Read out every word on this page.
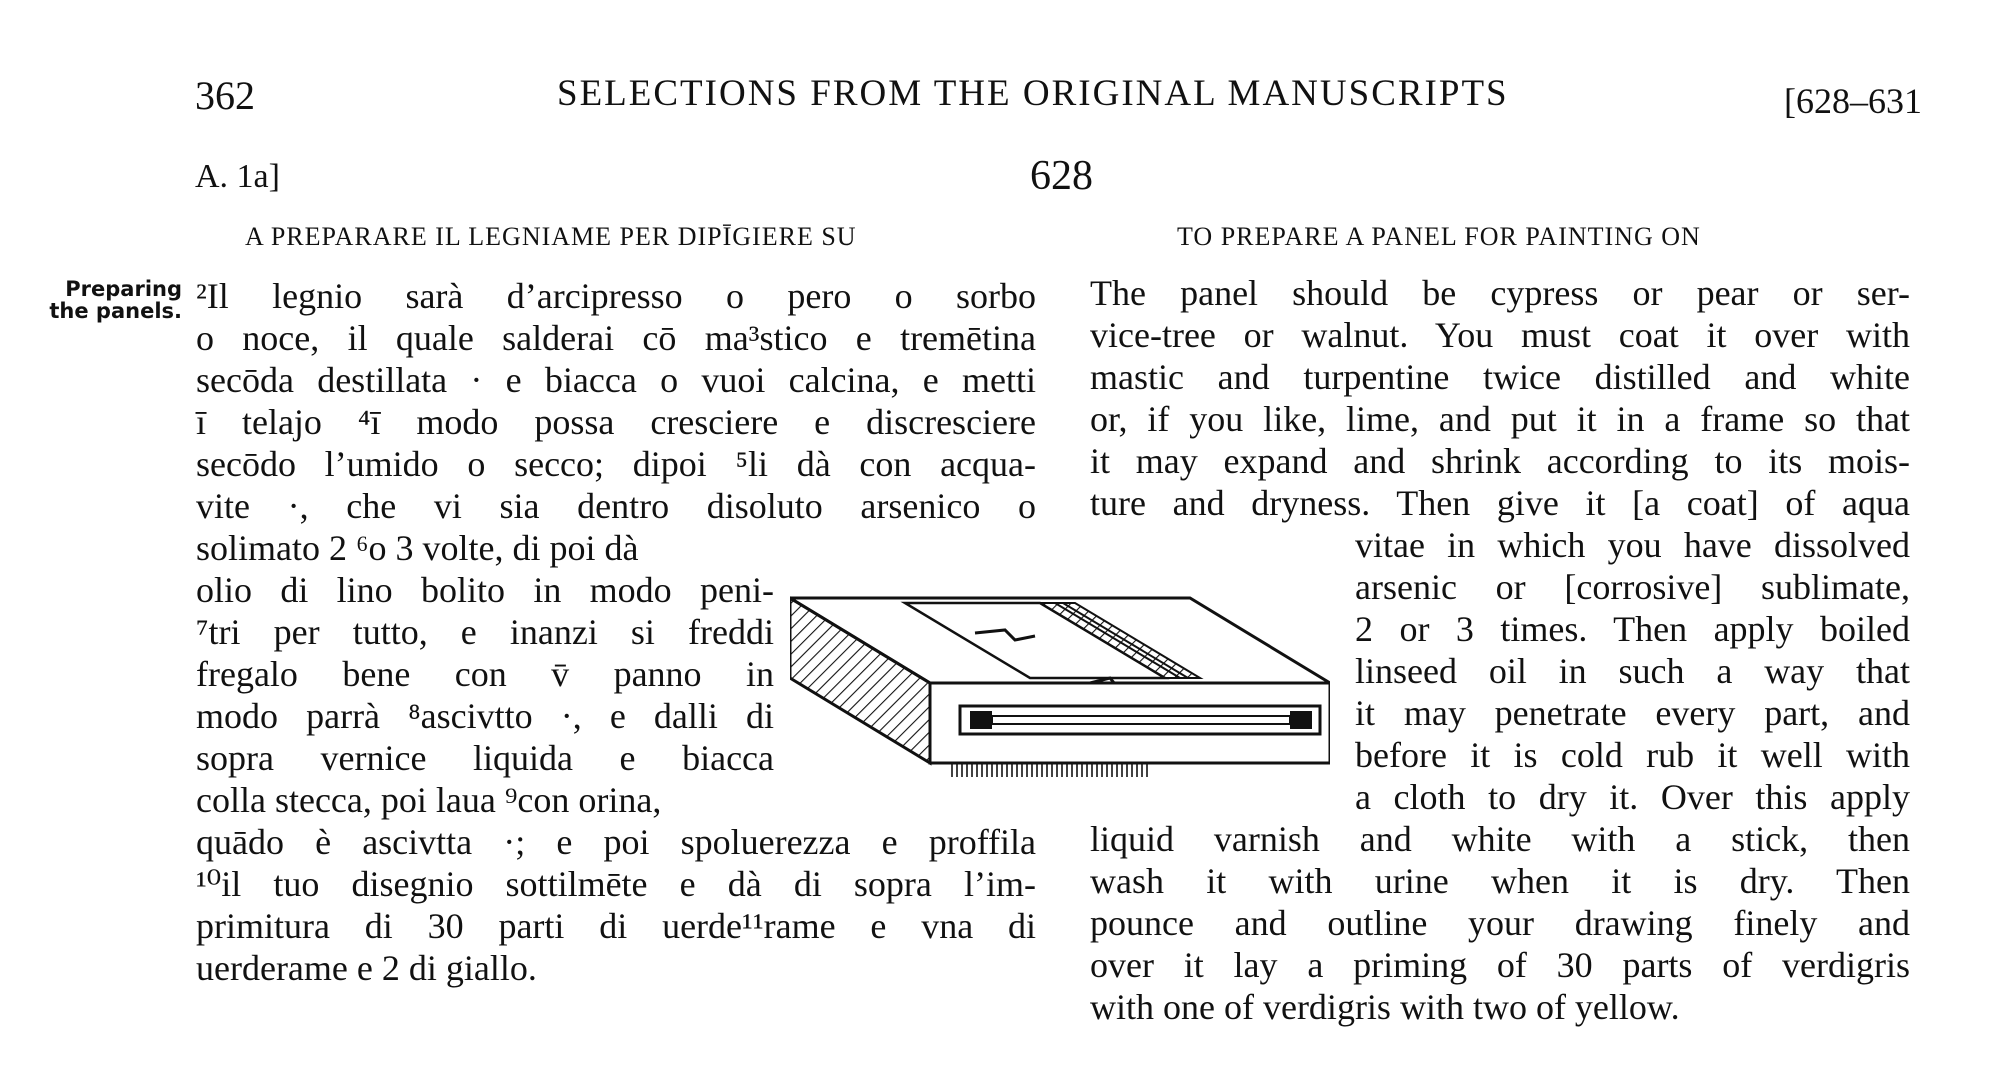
362	SELECTIONS FROM THE ORIGINAL MANUSCRIPTS	[628–631
A. 1a]	628
A PREPARARE IL LEGNIAME PER DIPĪGIERE SU	TO PREPARE A PANEL FOR PAINTING ON
Preparing the panels. ²Il legnio sarà d’arcipresso o pero o sorbo
o noce, il quale salderai cō ma³stico e tremētina
secōda destillata · e biacca o vuoi calcina, e metti
ī telajo ⁴ī modo possa cresciere e discresciere
secōdo l’umido o secco; dipoi ⁵li dà con acqua-
vite ·, che vi sia dentro disoluto arsenico o
solimato 2 ⁶o 3 volte, di poi dà
olio di lino bolito in modo peni-
⁷tri per tutto, e inanzi si freddi
fregalo bene con v̄ panno in
modo parrà ⁸ascivtto ·, e dalli di
sopra vernice liquida e biacca
colla stecca, poi laua ⁹con orina,
quādo è ascivtta ·; e poi spoluerezza e proffila
¹⁰il tuo disegnio sottilmēte e dà di sopra l’im-
primitura di 30 parti di uerde¹¹rame e vna di
uerderame e 2 di giallo.
The panel should be cypress or pear or ser-
vice-tree or walnut. You must coat it over with
mastic and turpentine twice distilled and white
or, if you like, lime, and put it in a frame so that
it may expand and shrink according to its mois-
ture and dryness. Then give it [a coat] of aqua
vitae in which you have dissolved
arsenic or [corrosive] sublimate,
2 or 3 times. Then apply boiled
linseed oil in such a way that
it may penetrate every part, and
before it is cold rub it well with
a cloth to dry it. Over this apply
liquid varnish and white with a stick, then
wash it with urine when it is dry. Then
pounce and outline your drawing finely and
over it lay a priming of 30 parts of verdigris
with one of verdigris with two of yellow.
